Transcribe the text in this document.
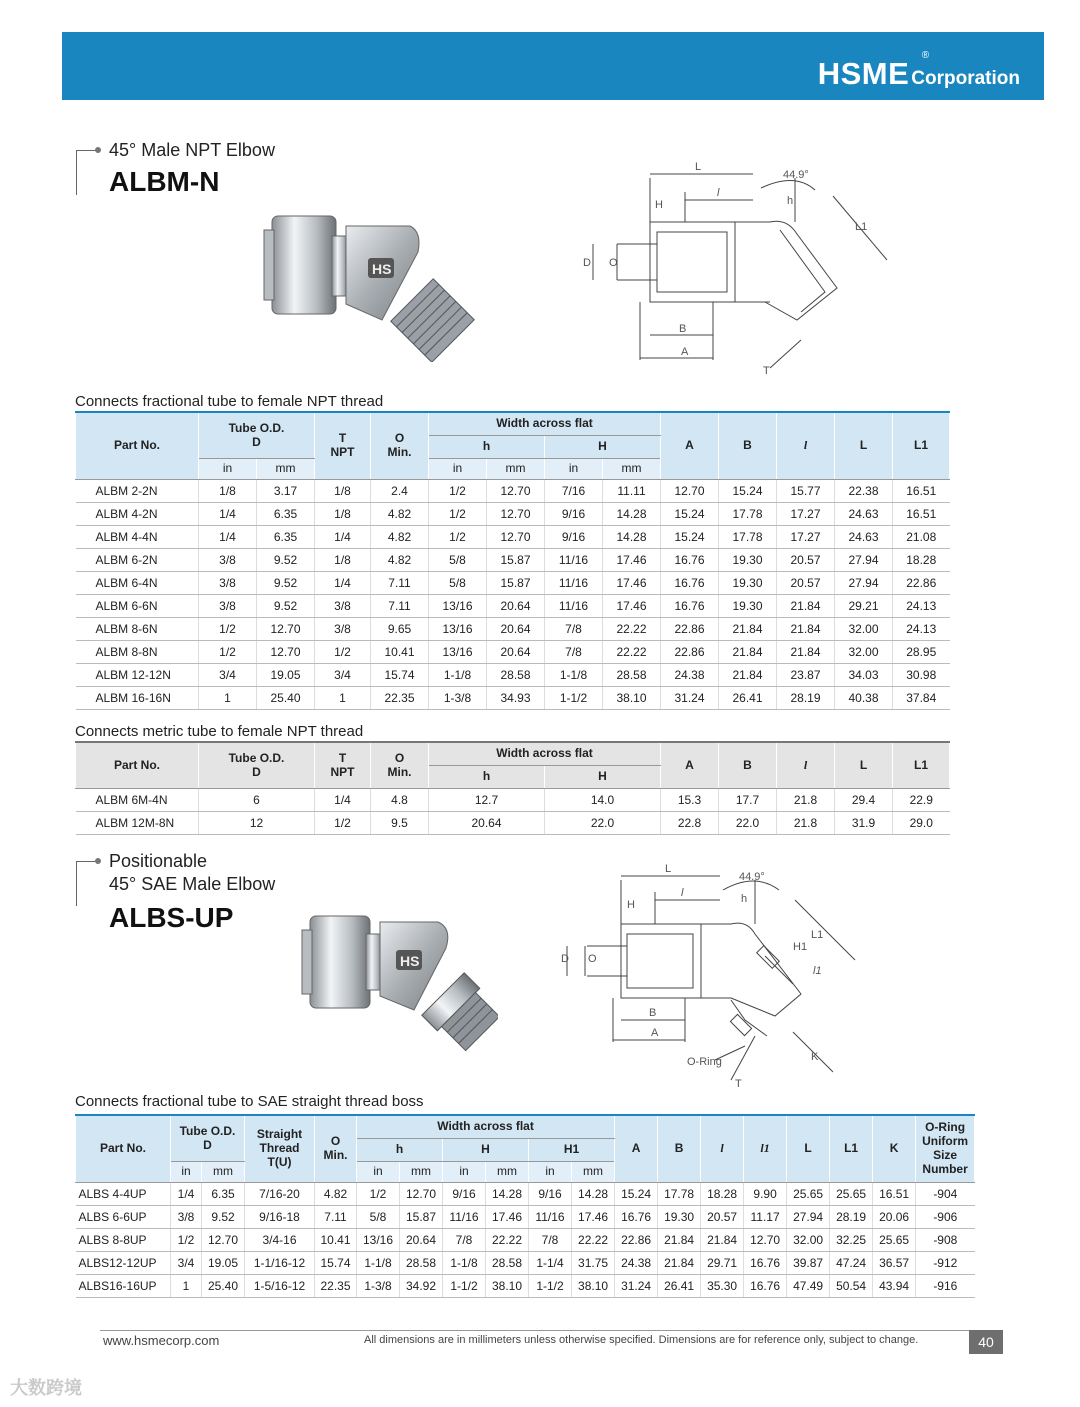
HSME
®
Corporation
45° Male NPT Elbow
ALBM-N
HS
L
l
44.9°
h
L1
H
D O
B
A
T
Connects fractional tube to female NPT thread
Part No.	Tube O.D.
D		T
NPT	O
Min.	Width across flat				A	B	l	L	L1
					h		H						
	in	mm			in	mm	in	mm					
ALBM 2-2N	1/8	3.17	1/8	2.4	1/2	12.70	7/16	11.11	12.70	15.24	15.77	22.38	16.51
ALBM 4-2N	1/4	6.35	1/8	4.82	1/2	12.70	9/16	14.28	15.24	17.78	17.27	24.63	16.51
ALBM 4-4N	1/4	6.35	1/4	4.82	1/2	12.70	9/16	14.28	15.24	17.78	17.27	24.63	21.08
ALBM 6-2N	3/8	9.52	1/8	4.82	5/8	15.87	11/16	17.46	16.76	19.30	20.57	27.94	18.28
ALBM 6-4N	3/8	9.52	1/4	7.11	5/8	15.87	11/16	17.46	16.76	19.30	20.57	27.94	22.86
ALBM 6-6N	3/8	9.52	3/8	7.11	13/16	20.64	11/16	17.46	16.76	19.30	21.84	29.21	24.13
ALBM 8-6N	1/2	12.70	3/8	9.65	13/16	20.64	7/8	22.22	22.86	21.84	21.84	32.00	24.13
ALBM 8-8N	1/2	12.70	1/2	10.41	13/16	20.64	7/8	22.22	22.86	21.84	21.84	32.00	28.95
ALBM 12-12N	3/4	19.05	3/4	15.74	1-1/8	28.58	1-1/8	28.58	24.38	21.84	23.87	34.03	30.98
ALBM 16-16N	1	25.40	1	22.35	1-3/8	34.93	1-1/2	38.10	31.24	26.41	28.19	40.38	37.84
Connects metric tube to female NPT thread
Part No.	Tube O.D.
D	T
NPT	O
Min.	Width across flat		A	B	l	L	L1
				h	H					
ALBM 6M-4N	6	1/4	4.8	12.7	14.0	15.3	17.7	21.8	29.4	22.9
ALBM 12M-8N	12	1/2	9.5	20.64	22.0	22.8	22.0	21.8	31.9	29.0
Positionable
45° SAE Male Elbow
ALBS-UP
HS
L
l
44.9°
h
L1
H1
l1
H
D O
B
A
K
O-Ring
T
Connects fractional tube to SAE straight thread boss
Part No.	Tube O.D.
D		Straight
Thread
T(U)	O
Min.	Width across flat						A	B	l	l1	L	L1	K	O-Ring
Uniform
Size
Number
					h		H		H1									
	in	mm			in	mm	in	mm	in	mm								
ALBS 4-4UP	1/4	6.35	7/16-20	4.82	1/2	12.70	9/16	14.28	9/16	14.28	15.24	17.78	18.28	9.90	25.65	25.65	16.51	-904
ALBS 6-6UP	3/8	9.52	9/16-18	7.11	5/8	15.87	11/16	17.46	11/16	17.46	16.76	19.30	20.57	11.17	27.94	28.19	20.06	-906
ALBS 8-8UP	1/2	12.70	3/4-16	10.41	13/16	20.64	7/8	22.22	7/8	22.22	22.86	21.84	21.84	12.70	32.00	32.25	25.65	-908
ALBS12-12UP	3/4	19.05	1-1/16-12	15.74	1-1/8	28.58	1-1/8	28.58	1-1/4	31.75	24.38	21.84	29.71	16.76	39.87	47.24	36.57	-912
ALBS16-16UP	1	25.40	1-5/16-12	22.35	1-3/8	34.92	1-1/2	38.10	1-1/2	38.10	31.24	26.41	35.30	16.76	47.49	50.54	43.94	-916
www.hsmecorp.com	All dimensions are in millimeters unless otherwise specified. Dimensions are for reference only, subject to change.	40
大数跨境
